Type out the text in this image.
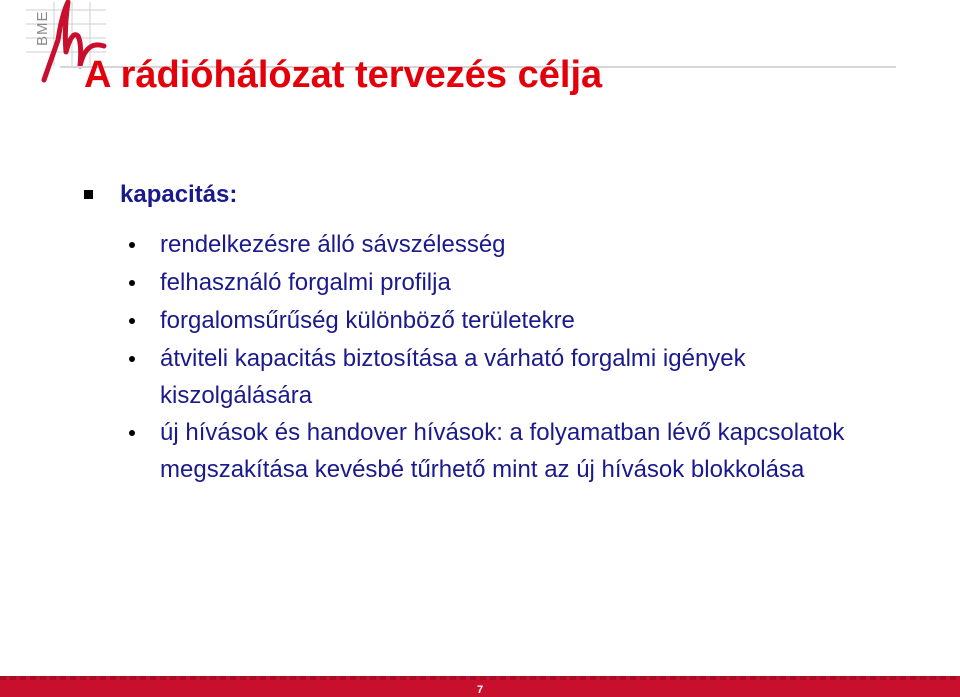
BME
A rádióhálózat tervezés célja
kapacitás:
rendelkezésre álló sávszélesség
felhasználó forgalmi profilja
forgalomsűrűség különböző területekre
átviteli kapacitás biztosítása a várható forgalmi igények kiszolgálására
új hívások és handover hívások: a folyamatban lévő kapcsolatok megszakítása kevésbé tűrhető mint az új hívások blokkolása
7
